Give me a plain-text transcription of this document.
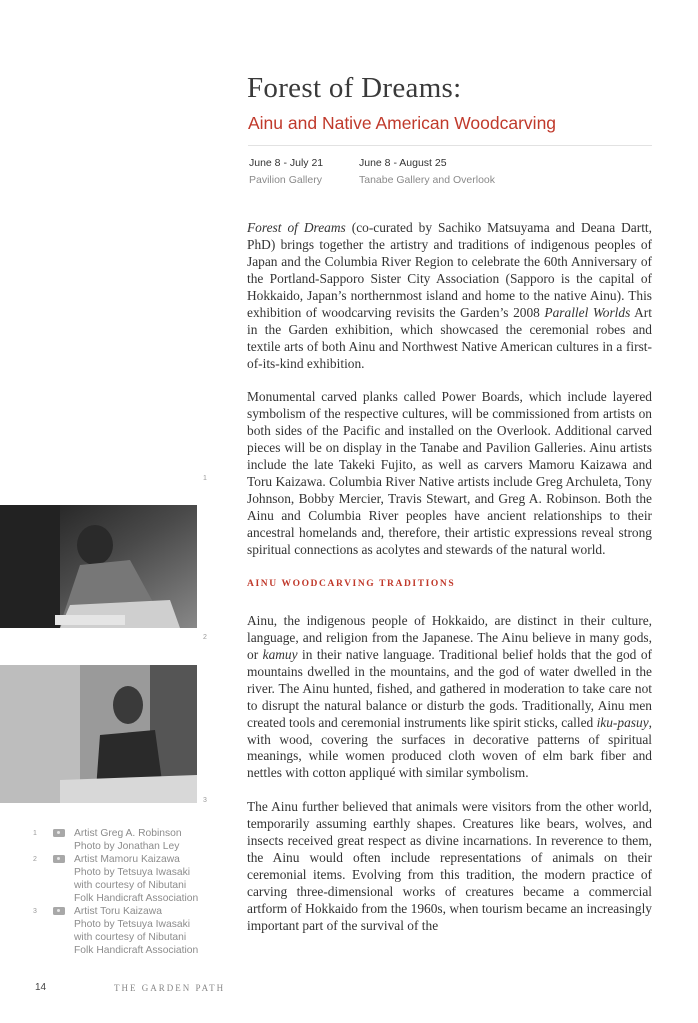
Forest of Dreams:
Ainu and Native American Woodcarving
June 8 - July 21
Pavilion Gallery
June 8 - August 25
Tanabe Gallery and Overlook

Forest of Dreams (co-curated by Sachiko Matsuyama and Deana Dartt, PhD) brings together the artistry and traditions of indigenous peoples of Japan and the Columbia River Region to celebrate the 60th Anniversary of the Portland-Sapporo Sister City Association (Sapporo is the capital of Hokkaido, Japan’s northernmost island and home to the native Ainu). This exhibition of woodcarving revisits the Garden’s 2008 Parallel Worlds Art in the Garden exhibition, which showcased the ceremonial robes and textile arts of both Ainu and Northwest Native American cultures in a first-of-its-kind exhibition.

Monumental carved planks called Power Boards, which include layered symbolism of the respective cultures, will be commissioned from artists on both sides of the Pacific and installed on the Overlook. Additional carved pieces will be on display in the Tanabe and Pavilion Galleries. Ainu artists include the late Takeki Fujito, as well as carvers Mamoru Kaizawa and Toru Kaizawa. Columbia River Native artists include Greg Archuleta, Tony Johnson, Bobby Mercier, Travis Stewart, and Greg A. Robinson. Both the Ainu and Columbia River peoples have ancient relationships to their ancestral homelands and, therefore, their artistic expressions reveal strong spiritual connections as acolytes and stewards of the natural world.

AINU WOODCARVING TRADITIONS

Ainu, the indigenous people of Hokkaido, are distinct in their culture, language, and religion from the Japanese. The Ainu believe in many gods, or kamuy in their native language. Traditional belief holds that the god of mountains dwelled in the mountains, and the god of water dwelled in the river. The Ainu hunted, fished, and gathered in moderation to take care not to disrupt the natural balance or disturb the gods. Traditionally, Ainu men created tools and ceremonial instruments like spirit sticks, called iku-pasuy, with wood, covering the surfaces in decorative patterns of spiritual meanings, while women produced cloth woven of elm bark fiber and nettles with cotton appliqué with similar symbolism.

The Ainu further believed that animals were visitors from the other world, temporarily assuming earthly shapes. Creatures like bears, wolves, and insects received great respect as divine incarnations. In reverence to them, the Ainu would often include representations of animals on their ceremonial items. Evolving from this tradition, the modern practice of carving three-dimensional works of creatures became a commercial artform of Hokkaido from the 1960s, when tourism became an increasingly important part of the survival of the

1
2
3
1	Artist Greg A. Robinson
Photo by Jonathan Ley
2	Artist Mamoru Kaizawa
Photo by Tetsuya Iwasaki
with courtesy of Nibutani
Folk Handicraft Association
3	Artist Toru Kaizawa
Photo by Tetsuya Iwasaki
with courtesy of Nibutani
Folk Handicraft Association
14	THE GARDEN PATH
